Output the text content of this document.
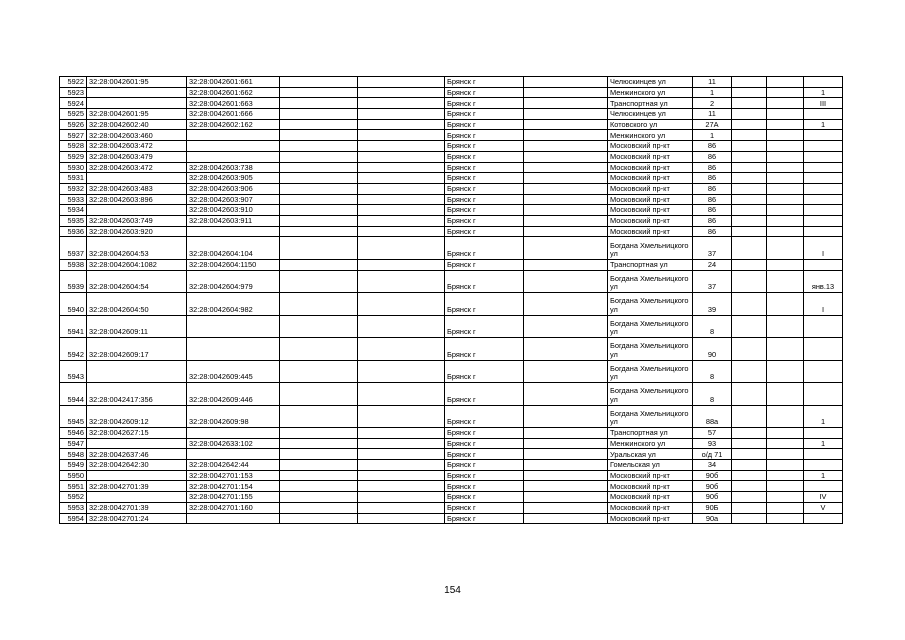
5922	32:28:0042601:95	32:28:0042601:661			Брянск г		Челюскинцев ул	11			
5923		32:28:0042601:662			Брянск г		Менжинского ул	1			1
5924		32:28:0042601:663			Брянск г		Транспортная ул	2			III
5925	32:28:0042601:95	32:28:0042601:666			Брянск г		Челюскинцев ул	11			
5926	32:28:0042602:40	32:28:0042602:162			Брянск г		Котовского ул	27А			1
5927	32:28:0042603:460				Брянск г		Менжинского ул	1			
5928	32:28:0042603:472				Брянск г		Московский пр-кт	86			
5929	32:28:0042603:479				Брянск г		Московский пр-кт	86			
5930	32:28:0042603:472	32:28:0042603:738			Брянск г		Московский пр-кт	86			
5931		32:28:0042603:905			Брянск г		Московский пр-кт	86			
5932	32:28:0042603:483	32:28:0042603:906			Брянск г		Московский пр-кт	86			
5933	32:28:0042603:896	32:28:0042603:907			Брянск г		Московский пр-кт	86			
5934		32:28:0042603:910			Брянск г		Московский пр-кт	86			
5935	32:28:0042603:749	32:28:0042603:911			Брянск г		Московский пр-кт	86			
5936	32:28:0042603:920				Брянск г		Московский пр-кт	86			
5937	32:28:0042604:53	32:28:0042604:104			Брянск г		Богдана Хмельницкого ул	37			I
5938	32:28:0042604:1082	32:28:0042604:1150			Брянск г		Транспортная ул	24			
5939	32:28:0042604:54	32:28:0042604:979			Брянск г		Богдана Хмельницкого ул	37			янв.13
5940	32:28:0042604:50	32:28:0042604:982			Брянск г		Богдана Хмельницкого ул	39			I
5941	32:28:0042609:11				Брянск г		Богдана Хмельницкого ул	8			
5942	32:28:0042609:17				Брянск г		Богдана Хмельницкого ул	90			
5943		32:28:0042609:445			Брянск г		Богдана Хмельницкого ул	8			
5944	32:28:0042417:356	32:28:0042609:446			Брянск г		Богдана Хмельницкого ул	8			
5945	32:28:0042609:12	32:28:0042609:98			Брянск г		Богдана Хмельницкого ул	88а			1
5946	32:28:0042627:15				Брянск г		Транспортная ул	57			
5947		32:28:0042633:102			Брянск г		Менжинского ул	93			1
5948	32:28:0042637:46				Брянск г		Уральская ул	о/д 71			
5949	32:28:0042642:30	32:28:0042642:44			Брянск г		Гомельская ул	34			
5950		32:28:0042701:153			Брянск г		Московский пр-кт	90б			1
5951	32:28:0042701:39	32:28:0042701:154			Брянск г		Московский пр-кт	90б			
5952		32:28:0042701:155			Брянск г		Московский пр-кт	90б			IV
5953	32:28:0042701:39	32:28:0042701:160			Брянск г		Московский пр-кт	90Б			V
5954	32:28:0042701:24				Брянск г		Московский пр-кт	90а			
154
